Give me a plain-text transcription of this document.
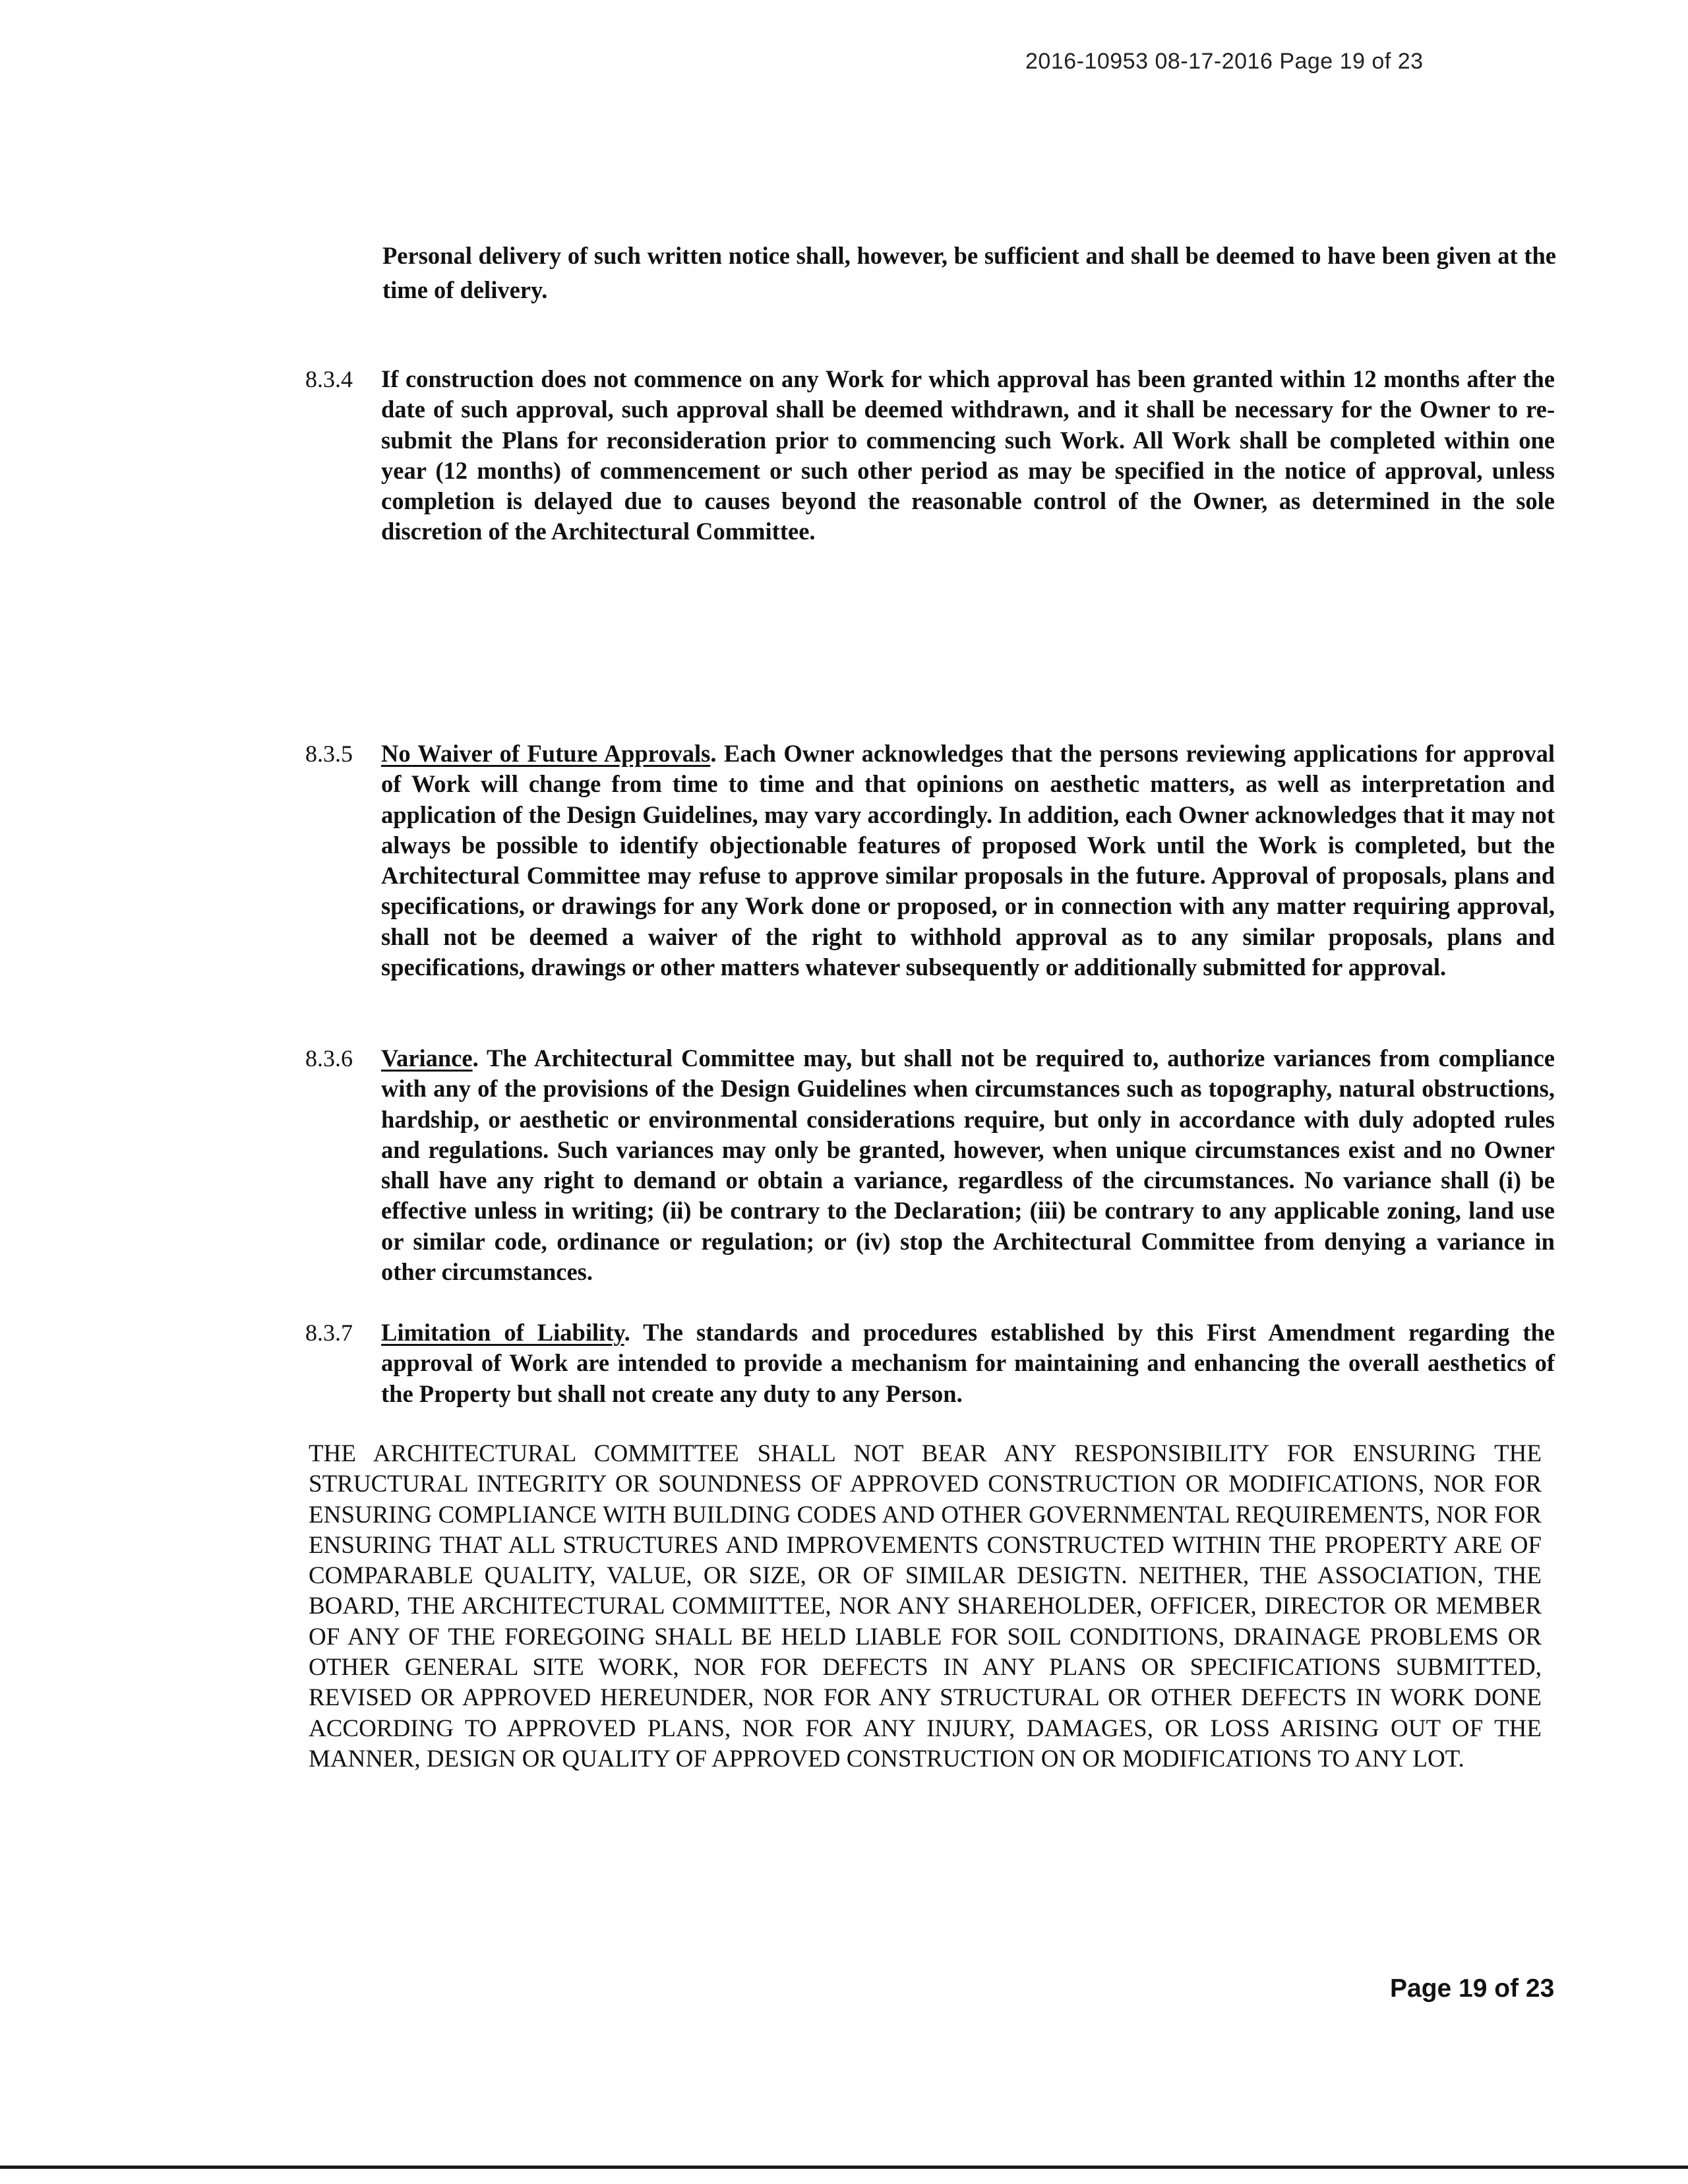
2016-10953 08-17-2016 Page 19 of 23
Personal delivery of such written notice shall, however, be sufficient and shall be deemed to have been given at the time of delivery.
8.3.4 If construction does not commence on any Work for which approval has been granted within 12 months after the date of such approval, such approval shall be deemed withdrawn, and it shall be necessary for the Owner to re-submit the Plans for reconsideration prior to commencing such Work. All Work shall be completed within one year (12 months) of commencement or such other period as may be specified in the notice of approval, unless completion is delayed due to causes beyond the reasonable control of the Owner, as determined in the sole discretion of the Architectural Committee.
8.3.5 No Waiver of Future Approvals. Each Owner acknowledges that the persons reviewing applications for approval of Work will change from time to time and that opinions on aesthetic matters, as well as interpretation and application of the Design Guidelines, may vary accordingly. In addition, each Owner acknowledges that it may not always be possible to identify objectionable features of proposed Work until the Work is completed, but the Architectural Committee may refuse to approve similar proposals in the future. Approval of proposals, plans and specifications, or drawings for any Work done or proposed, or in connection with any matter requiring approval, shall not be deemed a waiver of the right to withhold approval as to any similar proposals, plans and specifications, drawings or other matters whatever subsequently or additionally submitted for approval.
8.3.6 Variance. The Architectural Committee may, but shall not be required to, authorize variances from compliance with any of the provisions of the Design Guidelines when circumstances such as topography, natural obstructions, hardship, or aesthetic or environmental considerations require, but only in accordance with duly adopted rules and regulations. Such variances may only be granted, however, when unique circumstances exist and no Owner shall have any right to demand or obtain a variance, regardless of the circumstances. No variance shall (i) be effective unless in writing; (ii) be contrary to the Declaration; (iii) be contrary to any applicable zoning, land use or similar code, ordinance or regulation; or (iv) stop the Architectural Committee from denying a variance in other circumstances.
8.3.7 Limitation of Liability. The standards and procedures established by this First Amendment regarding the approval of Work are intended to provide a mechanism for maintaining and enhancing the overall aesthetics of the Property but shall not create any duty to any Person.
THE ARCHITECTURAL COMMITTEE SHALL NOT BEAR ANY RESPONSIBILITY FOR ENSURING THE STRUCTURAL INTEGRITY OR SOUNDNESS OF APPROVED CONSTRUCTION OR MODIFICATIONS, NOR FOR ENSURING COMPLIANCE WITH BUILDING CODES AND OTHER GOVERNMENTAL REQUIREMENTS, NOR FOR ENSURING THAT ALL STRUCTURES AND IMPROVEMENTS CONSTRUCTED WITHIN THE PROPERTY ARE OF COMPARABLE QUALITY, VALUE, OR SIZE, OR OF SIMILAR DESIGTN. NEITHER, THE ASSOCIATION, THE BOARD, THE ARCHITECTURAL COMMIITTEE, NOR ANY SHAREHOLDER, OFFICER, DIRECTOR OR MEMBER OF ANY OF THE FOREGOING SHALL BE HELD LIABLE FOR SOIL CONDITIONS, DRAINAGE PROBLEMS OR OTHER GENERAL SITE WORK, NOR FOR DEFECTS IN ANY PLANS OR SPECIFICATIONS SUBMITTED, REVISED OR APPROVED HEREUNDER, NOR FOR ANY STRUCTURAL OR OTHER DEFECTS IN WORK DONE ACCORDING TO APPROVED PLANS, NOR FOR ANY INJURY, DAMAGES, OR LOSS ARISING OUT OF THE MANNER, DESIGN OR QUALITY OF APPROVED CONSTRUCTION ON OR MODIFICATIONS TO ANY LOT.
Page 19 of 23
